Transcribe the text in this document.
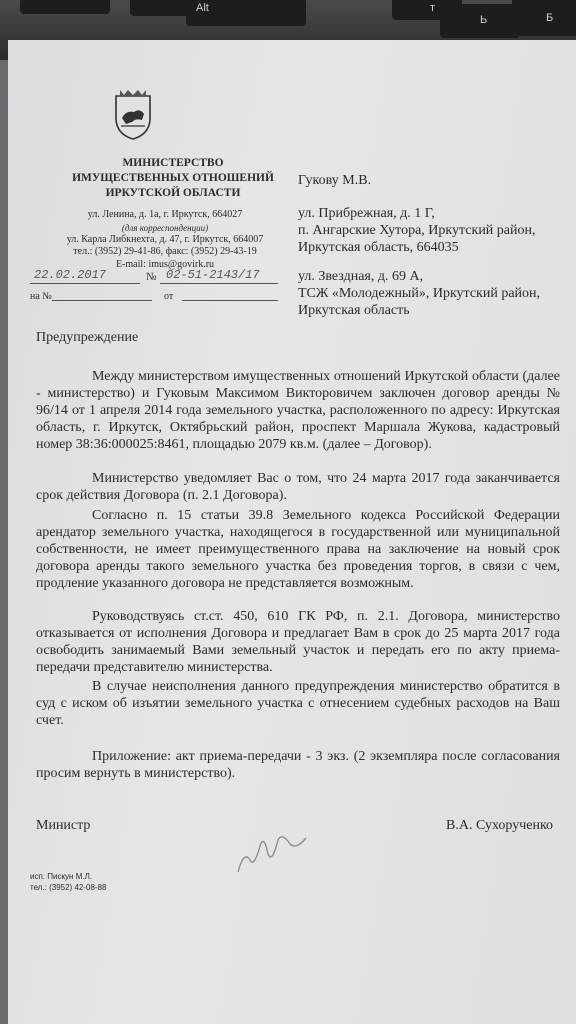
Alt	т
Ь	Б
МИНИСТЕРСТВО
ИМУЩЕСТВЕННЫХ ОТНОШЕНИЙ
ИРКУТСКОЙ ОБЛАСТИ
ул. Ленина, д. 1а, г. Иркутск, 664027
(для корреспонденции)
ул. Карла Либкнехта, д. 47, г. Иркутск, 664007
тел.: (3952) 29-41-86, факс: (3952) 29-43-19
E-mail: imus@govirk.ru
22.02.2017	№ 02-51-2143/17
на №	от
Гукову М.В.
ул. Прибрежная, д. 1 Г,
п. Ангарские Хутора, Иркутский район,
Иркутская область, 664035
ул. Звездная, д. 69 А,
ТСЖ «Молодежный», Иркутский район,
Иркутская область
Предупреждение
Между министерством имущественных отношений Иркутской области (далее - министерство) и Гуковым Максимом Викторовичем заключен договор аренды № 96/14 от 1 апреля 2014 года земельного участка, расположенного по адресу: Иркутская область, г. Иркутск, Октябрьский район, проспект Маршала Жукова, кадастровый номер 38:36:000025:8461, площадью 2079 кв.м. (далее – Договор).
Министерство уведомляет Вас о том, что 24 марта 2017 года заканчивается срок действия Договора (п. 2.1 Договора).
Согласно п. 15 статьи 39.8 Земельного кодекса Российской Федерации арендатор земельного участка, находящегося в государственной или муниципальной собственности, не имеет преимущественного права на заключение на новый срок договора аренды такого земельного участка без проведения торгов, в связи с чем, продление указанного договора не представляется возможным.
Руководствуясь ст.ст. 450, 610 ГК РФ, п. 2.1. Договора, министерство отказывается от исполнения Договора и предлагает Вам в срок до 25 марта 2017 года освободить занимаемый Вами земельный участок и передать его по акту приема-передачи представителю министерства.
В случае неисполнения данного предупреждения министерство обратится в суд с иском об изъятии земельного участка с отнесением судебных расходов на Ваш счет.
Приложение: акт приема-передачи - 3 экз. (2 экземпляра после согласования просим вернуть в министерство).
Министр	В.А. Сухорученко
исп. Пискун М.Л.
тел.: (3952) 42-08-88
